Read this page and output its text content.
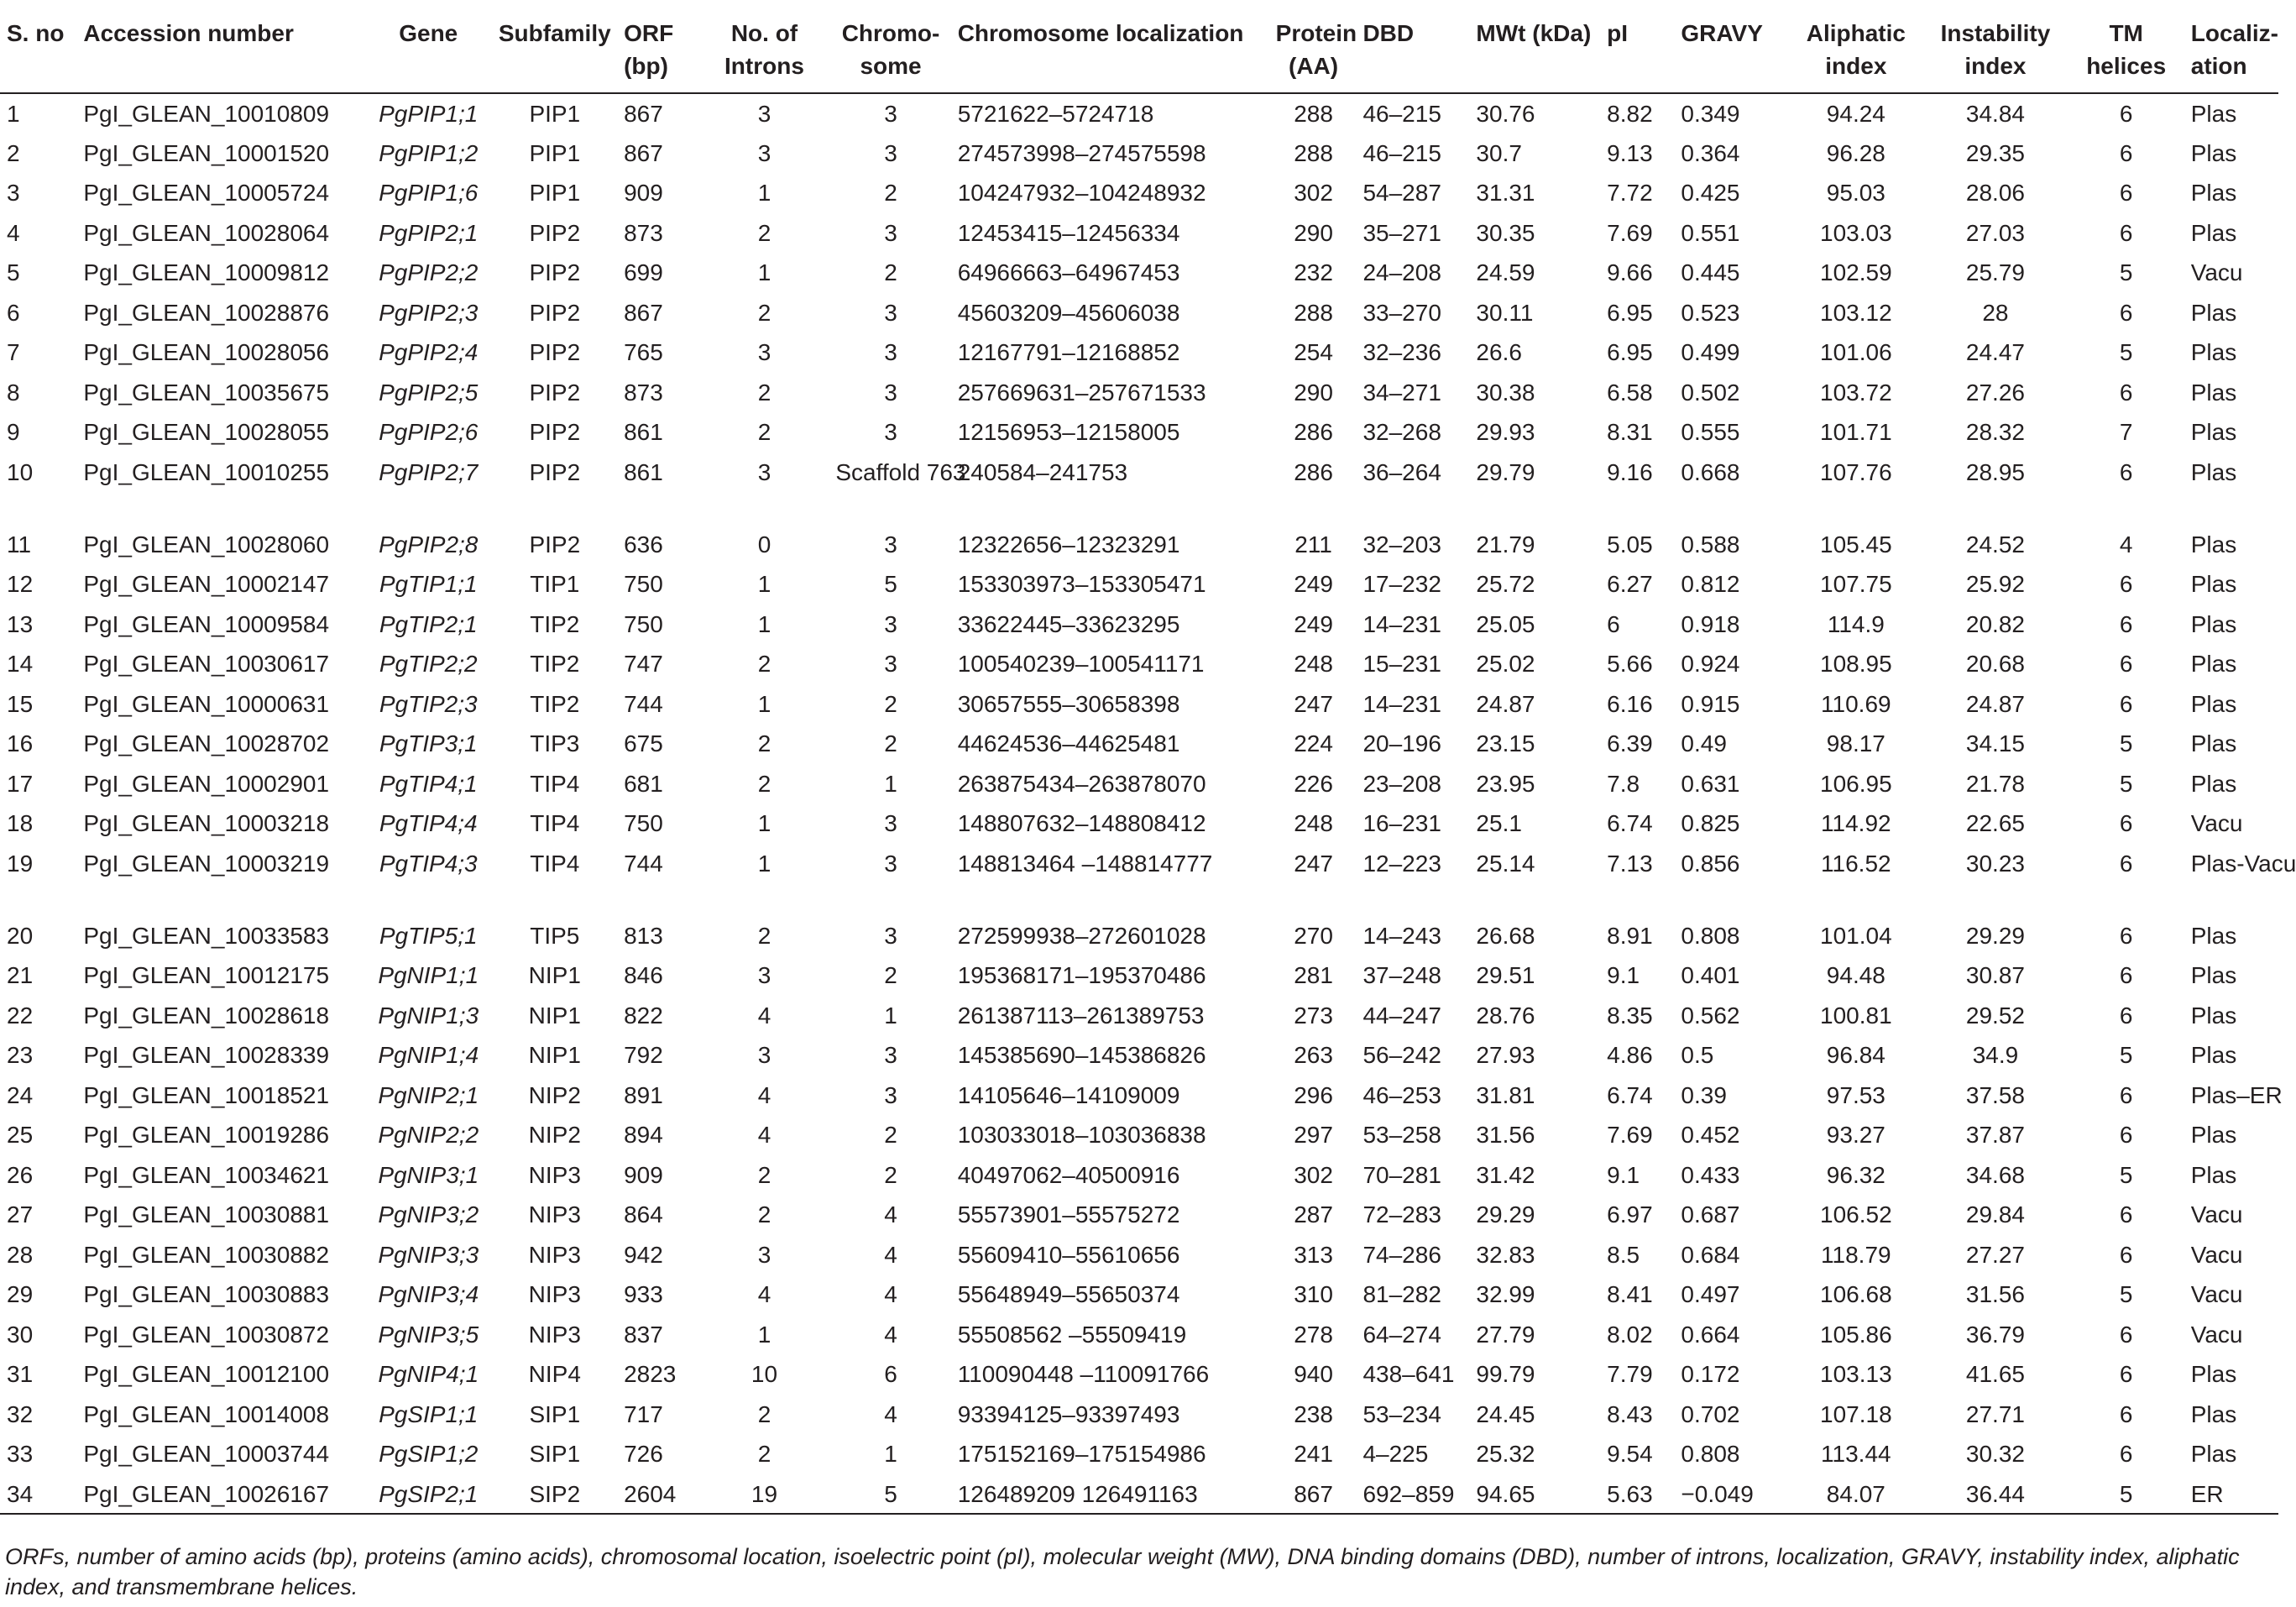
S. no	Accession number	Gene	Subfamily	ORF (bp)	No. of Introns	Chromo-some	Chromosome localization	Protein (AA)	DBD	MWt (kDa)	pI	GRAVY	Aliphatic index	Instability index	TM helices	Localiz-ation
1	PgI_GLEAN_10010809	PgPIP1;1	PIP1	867	3	3	5721622–5724718	288	46–215	30.76	8.82	0.349	94.24	34.84	6	Plas
2	PgI_GLEAN_10001520	PgPIP1;2	PIP1	867	3	3	274573998–274575598	288	46–215	30.7	9.13	0.364	96.28	29.35	6	Plas
3	PgI_GLEAN_10005724	PgPIP1;6	PIP1	909	1	2	104247932–104248932	302	54–287	31.31	7.72	0.425	95.03	28.06	6	Plas
4	PgI_GLEAN_10028064	PgPIP2;1	PIP2	873	2	3	12453415–12456334	290	35–271	30.35	7.69	0.551	103.03	27.03	6	Plas
5	PgI_GLEAN_10009812	PgPIP2;2	PIP2	699	1	2	64966663–64967453	232	24–208	24.59	9.66	0.445	102.59	25.79	5	Vacu
6	PgI_GLEAN_10028876	PgPIP2;3	PIP2	867	2	3	45603209–45606038	288	33–270	30.11	6.95	0.523	103.12	28	6	Plas
7	PgI_GLEAN_10028056	PgPIP2;4	PIP2	765	3	3	12167791–12168852	254	32–236	26.6	6.95	0.499	101.06	24.47	5	Plas
8	PgI_GLEAN_10035675	PgPIP2;5	PIP2	873	2	3	257669631–257671533	290	34–271	30.38	6.58	0.502	103.72	27.26	6	Plas
9	PgI_GLEAN_10028055	PgPIP2;6	PIP2	861	2	3	12156953–12158005	286	32–268	29.93	8.31	0.555	101.71	28.32	7	Plas
10	PgI_GLEAN_10010255	PgPIP2;7	PIP2	861	3	Scaffold 763	240584–241753	286	36–264	29.79	9.16	0.668	107.76	28.95	6	Plas
11	PgI_GLEAN_10028060	PgPIP2;8	PIP2	636	0	3	12322656–12323291	211	32–203	21.79	5.05	0.588	105.45	24.52	4	Plas
12	PgI_GLEAN_10002147	PgTIP1;1	TIP1	750	1	5	153303973–153305471	249	17–232	25.72	6.27	0.812	107.75	25.92	6	Plas
13	PgI_GLEAN_10009584	PgTIP2;1	TIP2	750	1	3	33622445–33623295	249	14–231	25.05	6	0.918	114.9	20.82	6	Plas
14	PgI_GLEAN_10030617	PgTIP2;2	TIP2	747	2	3	100540239–100541171	248	15–231	25.02	5.66	0.924	108.95	20.68	6	Plas
15	PgI_GLEAN_10000631	PgTIP2;3	TIP2	744	1	2	30657555–30658398	247	14–231	24.87	6.16	0.915	110.69	24.87	6	Plas
16	PgI_GLEAN_10028702	PgTIP3;1	TIP3	675	2	2	44624536–44625481	224	20–196	23.15	6.39	0.49	98.17	34.15	5	Plas
17	PgI_GLEAN_10002901	PgTIP4;1	TIP4	681	2	1	263875434–263878070	226	23–208	23.95	7.8	0.631	106.95	21.78	5	Plas
18	PgI_GLEAN_10003218	PgTIP4;4	TIP4	750	1	3	148807632–148808412	248	16–231	25.1	6.74	0.825	114.92	22.65	6	Vacu
19	PgI_GLEAN_10003219	PgTIP4;3	TIP4	744	1	3	148813464 –148814777	247	12–223	25.14	7.13	0.856	116.52	30.23	6	Plas-Vacu
20	PgI_GLEAN_10033583	PgTIP5;1	TIP5	813	2	3	272599938–272601028	270	14–243	26.68	8.91	0.808	101.04	29.29	6	Plas
21	PgI_GLEAN_10012175	PgNIP1;1	NIP1	846	3	2	195368171–195370486	281	37–248	29.51	9.1	0.401	94.48	30.87	6	Plas
22	PgI_GLEAN_10028618	PgNIP1;3	NIP1	822	4	1	261387113–261389753	273	44–247	28.76	8.35	0.562	100.81	29.52	6	Plas
23	PgI_GLEAN_10028339	PgNIP1;4	NIP1	792	3	3	145385690–145386826	263	56–242	27.93	4.86	0.5	96.84	34.9	5	Plas
24	PgI_GLEAN_10018521	PgNIP2;1	NIP2	891	4	3	14105646–14109009	296	46–253	31.81	6.74	0.39	97.53	37.58	6	Plas–ER
25	PgI_GLEAN_10019286	PgNIP2;2	NIP2	894	4	2	103033018–103036838	297	53–258	31.56	7.69	0.452	93.27	37.87	6	Plas
26	PgI_GLEAN_10034621	PgNIP3;1	NIP3	909	2	2	40497062–40500916	302	70–281	31.42	9.1	0.433	96.32	34.68	5	Plas
27	PgI_GLEAN_10030881	PgNIP3;2	NIP3	864	2	4	55573901–55575272	287	72–283	29.29	6.97	0.687	106.52	29.84	6	Vacu
28	PgI_GLEAN_10030882	PgNIP3;3	NIP3	942	3	4	55609410–55610656	313	74–286	32.83	8.5	0.684	118.79	27.27	6	Vacu
29	PgI_GLEAN_10030883	PgNIP3;4	NIP3	933	4	4	55648949–55650374	310	81–282	32.99	8.41	0.497	106.68	31.56	5	Vacu
30	PgI_GLEAN_10030872	PgNIP3;5	NIP3	837	1	4	55508562 –55509419	278	64–274	27.79	8.02	0.664	105.86	36.79	6	Vacu
31	PgI_GLEAN_10012100	PgNIP4;1	NIP4	2823	10	6	110090448 –110091766	940	438–641	99.79	7.79	0.172	103.13	41.65	6	Plas
32	PgI_GLEAN_10014008	PgSIP1;1	SIP1	717	2	4	93394125–93397493	238	53–234	24.45	8.43	0.702	107.18	27.71	6	Plas
33	PgI_GLEAN_10003744	PgSIP1;2	SIP1	726	2	1	175152169–175154986	241	4–225	25.32	9.54	0.808	113.44	30.32	6	Plas
34	PgI_GLEAN_10026167	PgSIP2;1	SIP2	2604	19	5	126489209 126491163	867	692–859	94.65	5.63	−0.049	84.07	36.44	5	ER

ORFs, number of amino acids (bp), proteins (amino acids), chromosomal location, isoelectric point (pI), molecular weight (MW), DNA binding domains (DBD), number of introns, localization, GRAVY, instability index, aliphatic index, and transmembrane helices.
